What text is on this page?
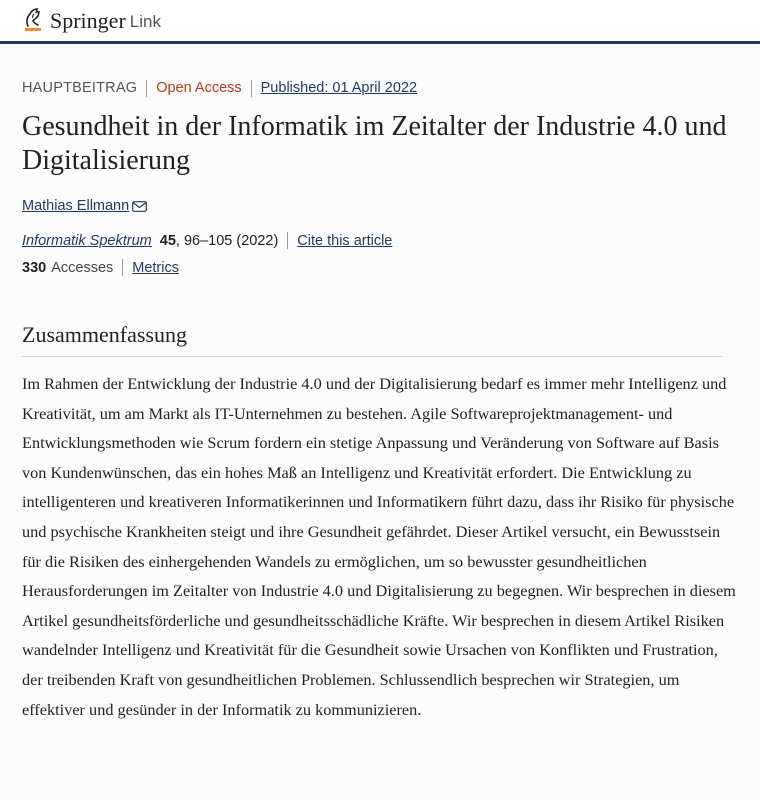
Springer Link
HAUPTBEITRAG Open Access Published: 01 April 2022
Gesundheit in der Informatik im Zeitalter der Industrie 4.0 und Digitalisierung
Mathias Ellmann
Informatik Spektrum 45 , 96–105 (2022) Cite this article
330 Accesses Metrics
Zusammenfassung

Im Rahmen der Entwicklung der Industrie 4.0 und der Digitalisierung bedarf es immer mehr Intelligenz und Kreativität, um am Markt als IT-Unternehmen zu bestehen. Agile Softwareprojektmanagement- und Entwicklungsmethoden wie Scrum fordern ein stetige Anpassung und Veränderung von Software auf Basis von Kundenwünschen, das ein hohes Maß an Intelligenz und Kreativität erfordert. Die Entwicklung zu intelligenteren und kreativeren Informatikerinnen und Informatikern führt dazu, dass ihr Risiko für physische und psychische Krankheiten steigt und ihre Gesundheit gefährdet. Dieser Artikel versucht, ein Bewusstsein für die Risiken des einhergehenden Wandels zu ermöglichen, um so bewusster gesundheitlichen Herausforderungen im Zeitalter von Industrie 4.0 und Digitalisierung zu begegnen. Wir besprechen in diesem Artikel gesundheitsförderliche und gesundheitsschädliche Kräfte. Wir besprechen in diesem Artikel Risiken wandelnder Intelligenz und Kreativität für die Gesundheit sowie Ursachen von Konflikten und Frustration, der treibenden Kraft von gesundheitlichen Problemen. Schlussendlich besprechen wir Strategien, um effektiver und gesünder in der Informatik zu kommunizieren.
